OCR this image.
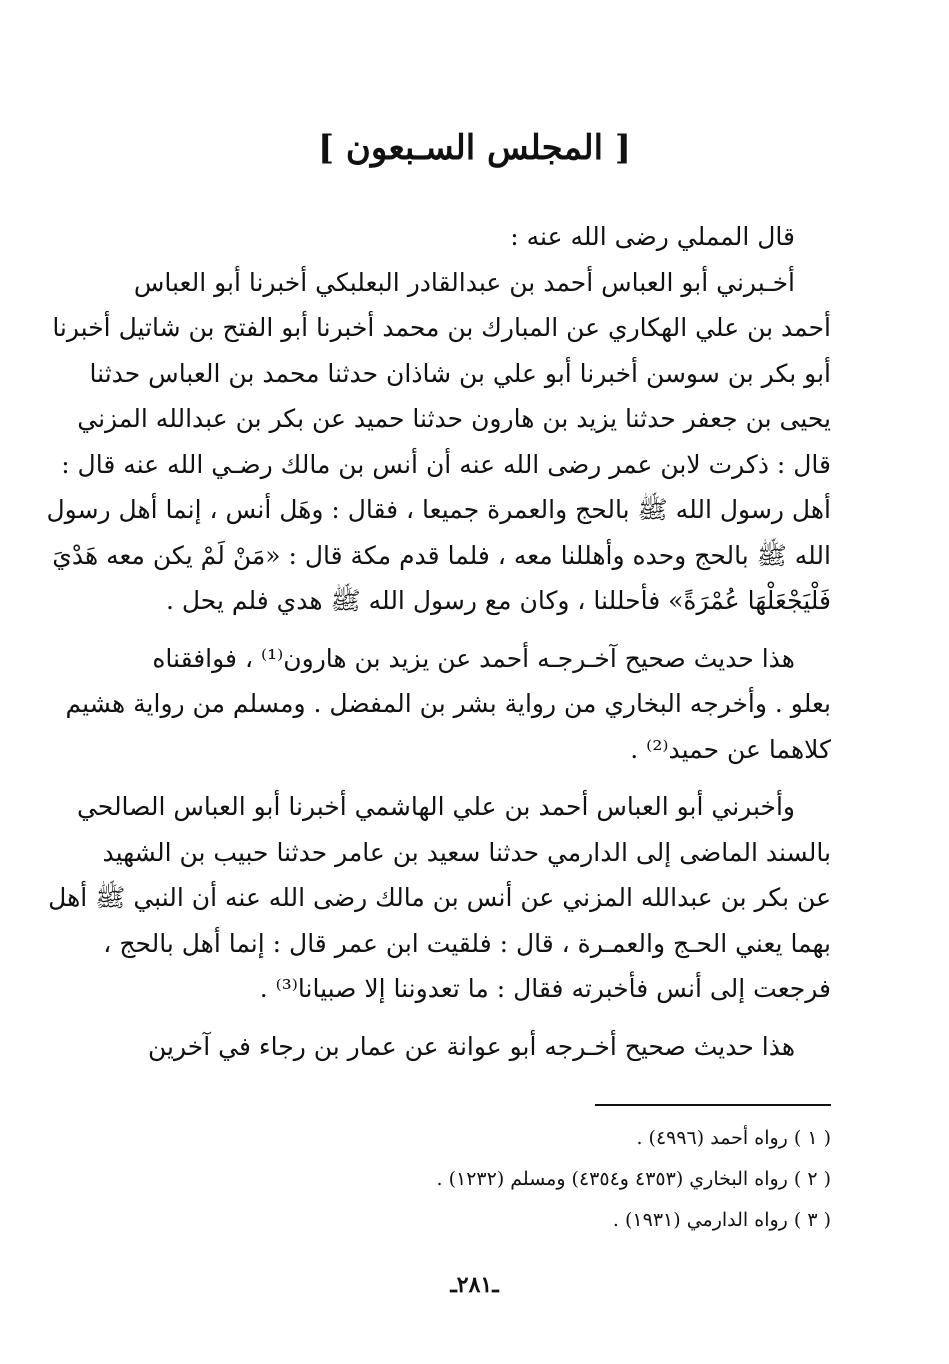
[ المجلس السـبعون ]
قال المملي رضى الله عنه :
أخـبرني أبو العباس أحمد بن عبدالقادر البعلبكي أخبرنا أبو العباس
أحمد بن علي الهكاري عن المبارك بن محمد أخبرنا أبو الفتح بن شاتيل أخبرنا
أبو بكر بن سوسن أخبرنا أبو علي بن شاذان حدثنا محمد بن العباس حدثنا
يحيى بن جعفر حدثنا يزيد بن هارون حدثنا حميد عن بكر بن عبدالله المزني
قال : ذكرت لابن عمر رضى الله عنه أن أنس بن مالك رضـي الله عنه قال :
أهل رسول الله ﷺ بالحج والعمرة جميعا ، فقال : وهَل أنس ، إنما أهل رسول
الله ﷺ بالحج وحده وأهللنا معه ، فلما قدم مكة قال : «مَنْ لَمْ يكن معه هَدْيَ
فَلْيَجْعَلْهَا عُمْرَةً» فأحللنا ، وكان مع رسول الله ﷺ هدي فلم يحل .
هذا حديث صحيح آخـرجـه أحمد عن يزيد بن هارون⁽¹⁾ ، فوافقناه
بعلو . وأخرجه البخاري من رواية بشر بن المفضل . ومسلم من رواية هشيم
كلاهما عن حميد⁽²⁾ .
وأخبرني أبو العباس أحمد بن علي الهاشمي أخبرنا أبو العباس الصالحي
بالسند الماضى إلى الدارمي حدثنا سعيد بن عامر حدثنا حبيب بن الشهيد
عن بكر بن عبدالله المزني عن أنس بن مالك رضى الله عنه أن النبي ﷺ أهل
بهما يعني الحـج والعمـرة ، قال : فلقيت ابن عمر قال : إنما أهل بالحج ،
فرجعت إلى أنس فأخبرته فقال : ما تعدوننا إلا صبيانا⁽³⁾ .
هذا حديث صحيح أخـرجه أبو عوانة عن عمار بن رجاء في آخرين
( ١ ) رواه أحمد (٤٩٩٦) .
( ٢ ) رواه البخاري (٤٣٥٣ و٤٣٥٤) ومسلم (١٢٣٢) .
( ٣ ) رواه الدارمي (١٩٣١) .
ـ٢٨١ـ
